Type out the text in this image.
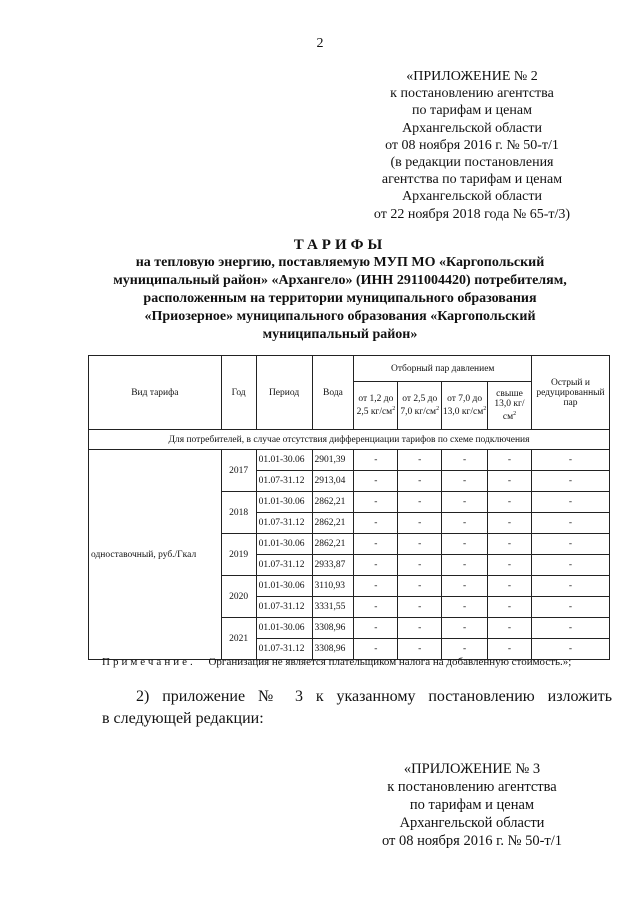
2
«ПРИЛОЖЕНИЕ № 2
к постановлению агентства
по тарифам и ценам
Архангельской области
от 08 ноября 2016 г. № 50-т/1
(в редакции постановления
агентства по тарифам и ценам
Архангельской области
от 22 ноября 2018 года № 65-т/3)
ТАРИФЫ
на тепловую энергию, поставляемую МУП МО «Каргопольский
муниципальный район» «Архангело» (ИНН 2911004420) потребителям,
расположенным на территории муниципального образования
«Приозерное» муниципального образования «Каргопольский
муниципальный район»
Вид тарифа	Год	Период	Вода	Отборный пар давлением				Острый и редуцированный пар
				от 1,2 до 2,5 $кг/см^2$	от 2,5 до 7,0 $кг/см^2$	от 7,0 до 13,0 $кг/см^2$	свыше 13,0 $кг/см^2$
Для потребителей, в случае отсутствия дифференциации тарифов по схеме подключения								
одноставочный, руб./Гкал	2017	01.01-30.06	2901,39	-	-	-	-	-
		01.07-31.12	2913,04	-	-	-	-	-
	2018	01.01-30.06	2862,21	-	-	-	-	-
		01.07-31.12	2862,21	-	-	-	-	-
	2019	01.01-30.06	2862,21	-	-	-	-	-
		01.07-31.12	2933,87	-	-	-	-	-
	2020	01.01-30.06	3110,93	-	-	-	-	-
		01.07-31.12	3331,55	-	-	-	-	-
	2021	01.01-30.06	3308,96	-	-	-	-	-
		01.07-31.12	3308,96	-	-	-	-	-
Примечание. Организация не является плательщиком налога на добавленную стоимость.»;
2) приложение № 3 к указанному постановлению изложить
в следующей редакции:
«ПРИЛОЖЕНИЕ № 3
к постановлению агентства
по тарифам и ценам
Архангельской области
от 08 ноября 2016 г. № 50-т/1
